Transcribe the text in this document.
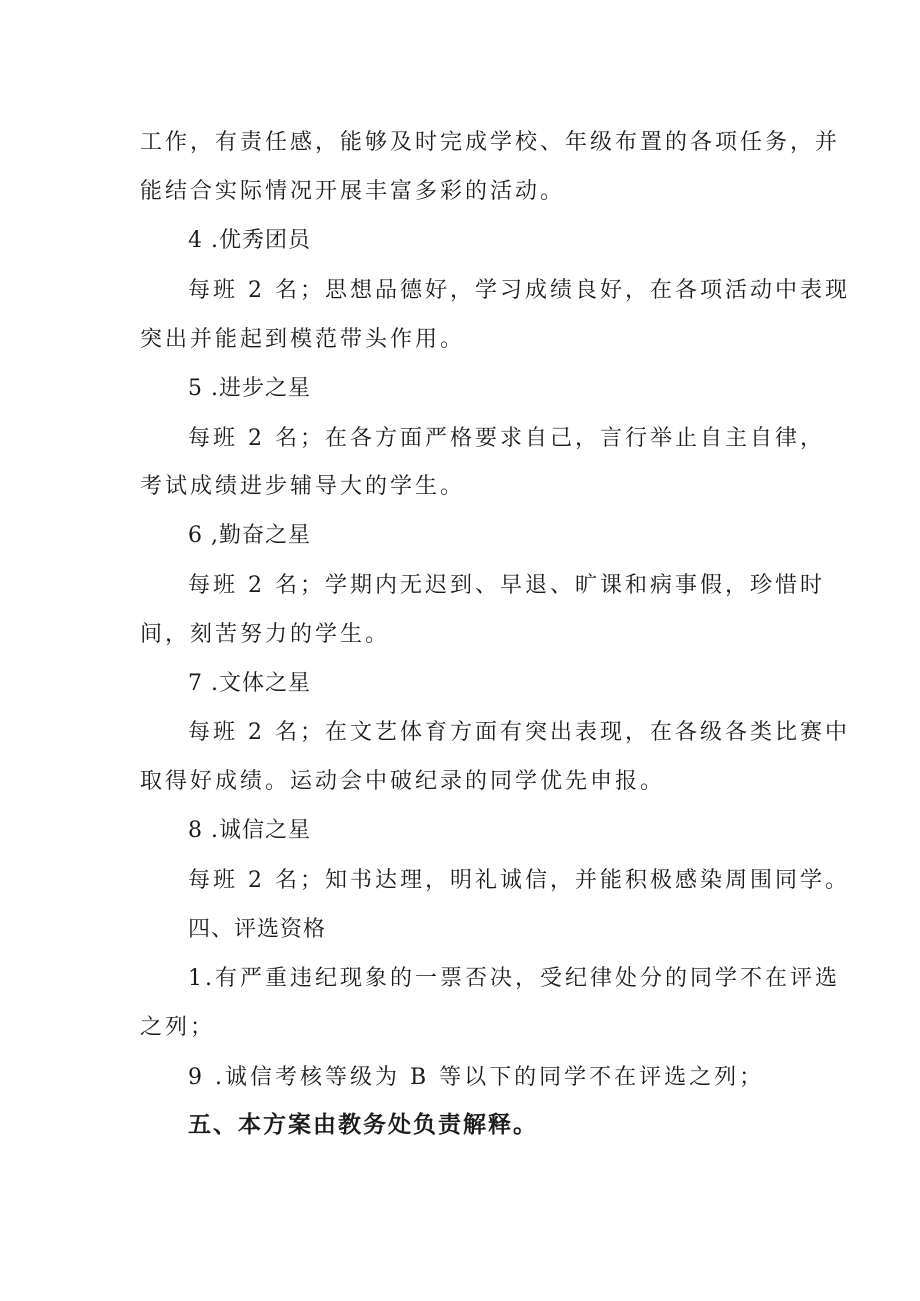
工作，有责任感，能够及时完成学校、年级布置的各项任务，并
能结合实际情况开展丰富多彩的活动。
4 .优秀团员
每班 2 名；思想品德好，学习成绩良好，在各项活动中表现
突出并能起到模范带头作用。
5 .进步之星
每班 2 名；在各方面严格要求自己，言行举止自主自律，
考试成绩进步辅导大的学生。
6 ,勤奋之星
每班 2 名；学期内无迟到、早退、旷课和病事假，珍惜时
间，刻苦努力的学生。
7 .文体之星
每班 2 名；在文艺体育方面有突出表现，在各级各类比赛中
取得好成绩。运动会中破纪录的同学优先申报。
8 .诚信之星
每班 2 名；知书达理，明礼诚信，并能积极感染周围同学。
四、评选资格
1.有严重违纪现象的一票否决，受纪律处分的同学不在评选
之列；
9 .诚信考核等级为 B 等以下的同学不在评选之列；
五、本方案由教务处负责解释。
